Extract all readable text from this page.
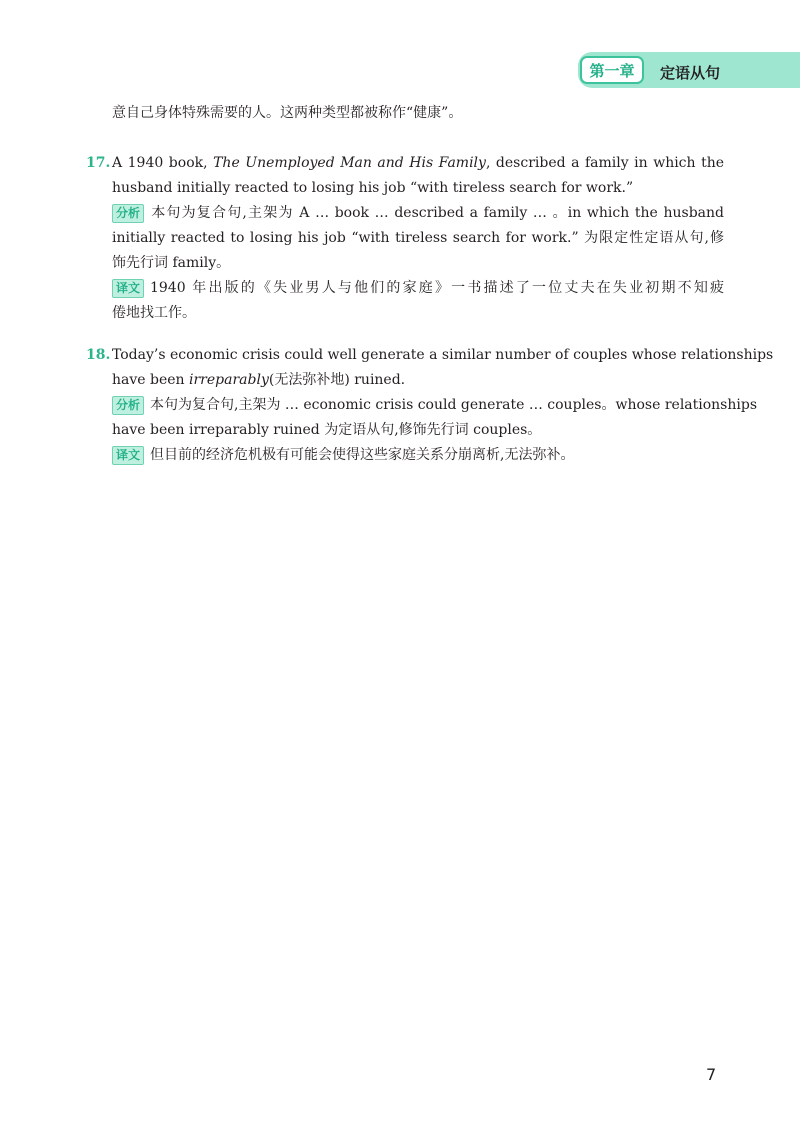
第一章	定语从句
意自己身体特殊需要的人。这两种类型都被称作“健康”。
17. A 1940 book, The Unemployed Man and His Family, described a family in which the
husband initially reacted to losing his job “with tireless search for work.”
分析 本句为复合句,主架为 A … book … described a family … 。in which the husband
initially reacted to losing his job “with tireless search for work.” 为限定性定语从句,修
饰先行词 family。
译文 1940 年出版的《失业男人与他们的家庭》一书描述了一位丈夫在失业初期不知疲
倦地找工作。
18. Today’s economic crisis could well generate a similar number of couples whose relationships
have been irreparably(无法弥补地) ruined.
分析 本句为复合句,主架为 … economic crisis could generate … couples。whose relationships
have been irreparably ruined 为定语从句,修饰先行词 couples。
译文 但目前的经济危机极有可能会使得这些家庭关系分崩离析,无法弥补。
7
